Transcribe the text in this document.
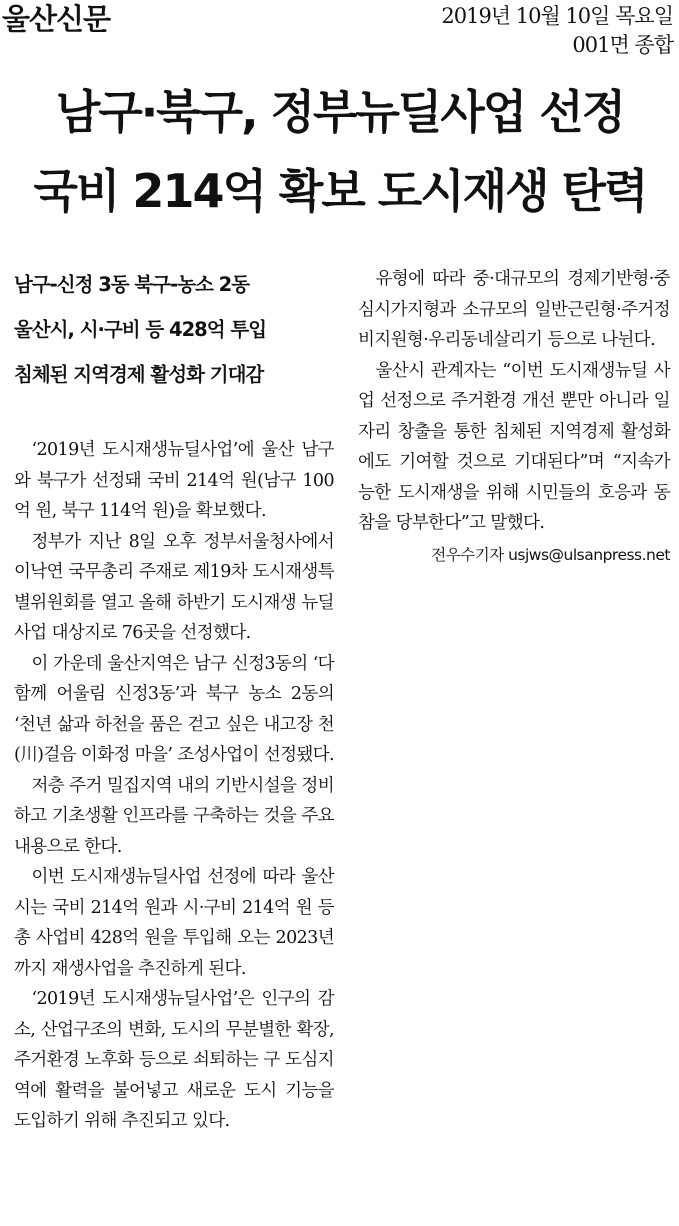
울산신문	2019년 10월 10일 목요일
001면 종합
남구·북구, 정부뉴딜사업 선정
국비 214억 확보 도시재생 탄력
남구-신정 3동 북구-농소 2동
울산시, 시·구비 등 428억 투입
침체된 지역경제 활성화 기대감

‘2019년 도시재생뉴딜사업’에 울산 남구와 북구가 선정돼 국비 214억 원(남구 100억 원, 북구 114억 원)을 확보했다.

정부가 지난 8일 오후 정부서울청사에서 이낙연 국무총리 주재로 제19차 도시재생특별위원회를 열고 올해 하반기 도시재생 뉴딜사업 대상지로 76곳을 선정했다.

이 가운데 울산지역은 남구 신정3동의 ‘다함께 어울림 신정3동’과 북구 농소 2동의 ‘천년 삶과 하천을 품은 걷고 싶은 내고장 천(川)걸음 이화정 마을’ 조성사업이 선정됐다.

저층 주거 밀집지역 내의 기반시설을 정비하고 기초생활 인프라를 구축하는 것을 주요 내용으로 한다.

이번 도시재생뉴딜사업 선정에 따라 울산시는 국비 214억 원과 시·구비 214억 원 등 총 사업비 428억 원을 투입해 오는 2023년까지 재생사업을 추진하게 된다.

‘2019년 도시재생뉴딜사업’은 인구의 감소, 산업구조의 변화, 도시의 무분별한 확장, 주거환경 노후화 등으로 쇠퇴하는 구 도심지역에 활력을 불어넣고 새로운 도시 기능을 도입하기 위해 추진되고 있다.

유형에 따라 중·대규모의 경제기반형·중심시가지형과 소규모의 일반근린형·주거정비지원형·우리동네살리기 등으로 나뉜다.

울산시 관계자는 “이번 도시재생뉴딜 사업 선정으로 주거환경 개선 뿐만 아니라 일자리 창출을 통한 침체된 지역경제 활성화에도 기여할 것으로 기대된다”며 “지속가능한 도시재생을 위해 시민들의 호응과 동참을 당부한다”고 말했다.

전우수기자 usjws@ulsanpress.net
